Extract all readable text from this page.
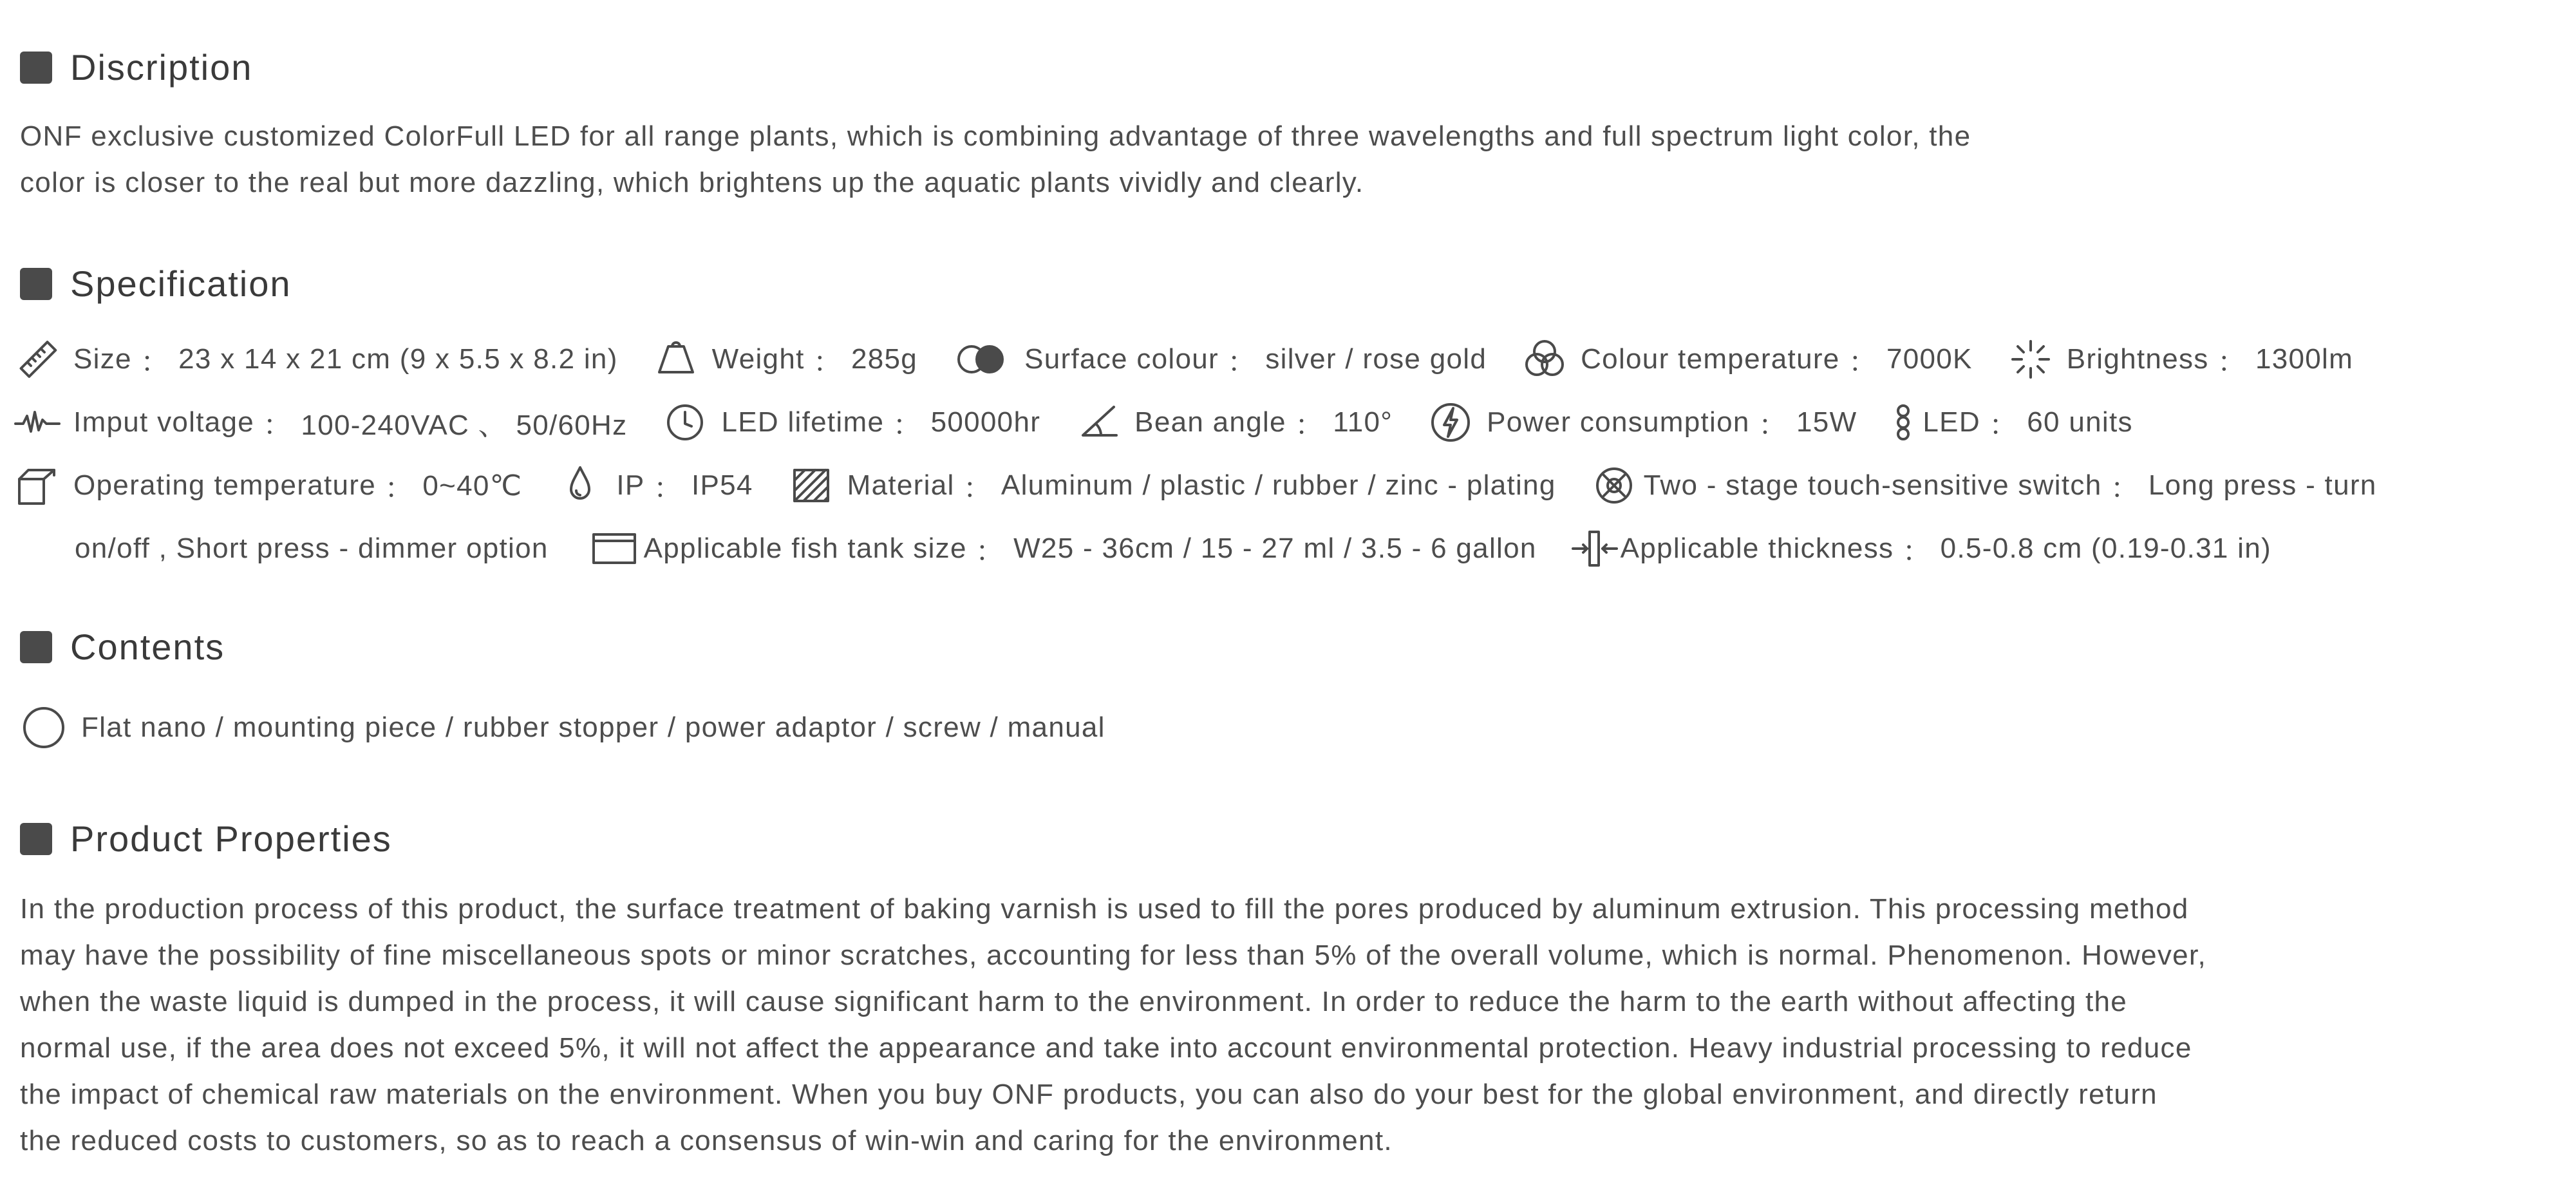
Discription
ONF exclusive customized ColorFull LED for all range plants, which is combining advantage of three wavelengths and full spectrum light color, the
color is closer to the real but more dazzling, which brightens up the aquatic plants vividly and clearly.
Specification
Size ： 23 x 14 x 21 cm (9 x 5.5 x 8.2 in)	Weight ： 285g	Surface colour ： silver / rose gold	Colour temperature ： 7000K	Brightness ： 1300lm
Imput voltage ： 100-240VAC 、 50/60Hz	LED lifetime ： 50000hr	Bean angle ： 110°	Power consumption ： 15W LED ： 60 units
Operating temperature ： 0~40℃	IP ： IP54	Material ： Aluminum / plastic / rubber / zinc - plating	Two - stage touch-sensitive switch ： Long press - turn
on/off , Short press - dimmer option	Applicable fish tank size ： W25 - 36cm / 15 - 27 ml / 3.5 - 6 gallon	Applicable thickness ： 0.5-0.8 cm (0.19-0.31 in)
Contents
Flat nano / mounting piece / rubber stopper / power adaptor / screw / manual
Product Properties
In the production process of this product, the surface treatment of baking varnish is used to fill the pores produced by aluminum extrusion. This processing method
may have the possibility of fine miscellaneous spots or minor scratches, accounting for less than 5% of the overall volume, which is normal. Phenomenon. However,
when the waste liquid is dumped in the process, it will cause significant harm to the environment. In order to reduce the harm to the earth without affecting the
normal use, if the area does not exceed 5%, it will not affect the appearance and take into account environmental protection. Heavy industrial processing to reduce
the impact of chemical raw materials on the environment. When you buy ONF products, you can also do your best for the global environment, and directly return
the reduced costs to customers, so as to reach a consensus of win-win and caring for the environment.
